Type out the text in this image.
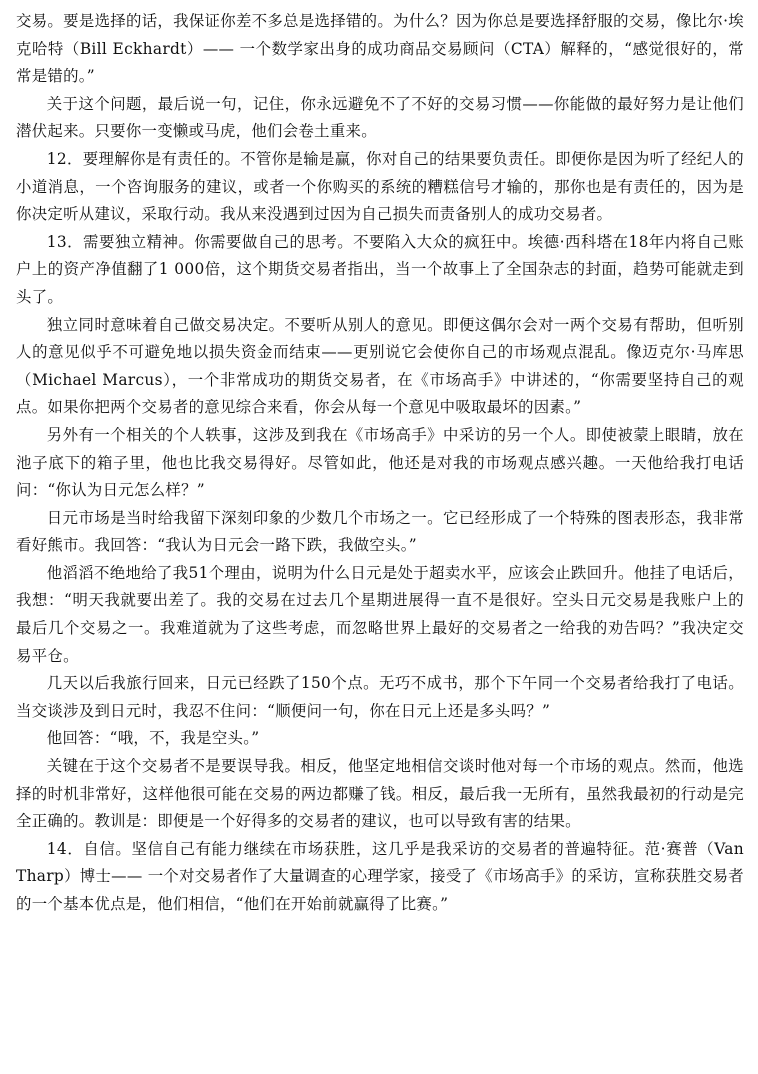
交易。要是选择的话，我保证你差不多总是选择错的。为什么？因为你总是要选择舒服的交易，像比尔·埃克哈特（Bill Eckhardt）—— 一个数学家出身的成功商品交易顾问（CTA）解释的，“感觉很好的，常常是错的。”

关于这个问题，最后说一句，记住，你永远避免不了不好的交易习惯——你能做的最好努力是让他们潜伏起来。只要你一变懒或马虎，他们会卷土重来。

12．要理解你是有责任的。不管你是输是赢，你对自己的结果要负责任。即便你是因为听了经纪人的小道消息，一个咨询服务的建议，或者一个你购买的系统的糟糕信号才输的，那你也是有责任的，因为是你决定听从建议，采取行动。我从来没遇到过因为自己损失而责备别人的成功交易者。

13．需要独立精神。你需要做自己的思考。不要陷入大众的疯狂中。埃德·西科塔在18年内将自己账户上的资产净值翻了1 000倍，这个期货交易者指出，当一个故事上了全国杂志的封面，趋势可能就走到头了。

独立同时意味着自己做交易决定。不要听从别人的意见。即便这偶尔会对一两个交易有帮助，但听别人的意见似乎不可避免地以损失资金而结束——更别说它会使你自己的市场观点混乱。像迈克尔·马库思（Michael Marcus），一个非常成功的期货交易者，在《市场高手》中讲述的，“你需要坚持自己的观点。如果你把两个交易者的意见综合来看，你会从每一个意见中吸取最坏的因素。”

另外有一个相关的个人轶事，这涉及到我在《市场高手》中采访的另一个人。即使被蒙上眼睛，放在池子底下的箱子里，他也比我交易得好。尽管如此，他还是对我的市场观点感兴趣。一天他给我打电话问：“你认为日元怎么样？”

日元市场是当时给我留下深刻印象的少数几个市场之一。它已经形成了一个特殊的图表形态，我非常看好熊市。我回答：“我认为日元会一路下跌，我做空头。”

他滔滔不绝地给了我51个理由，说明为什么日元是处于超卖水平，应该会止跌回升。他挂了电话后，我想：“明天我就要出差了。我的交易在过去几个星期进展得一直不是很好。空头日元交易是我账户上的最后几个交易之一。我难道就为了这些考虑，而忽略世界上最好的交易者之一给我的劝告吗？”我决定交易平仓。

几天以后我旅行回来，日元已经跌了150个点。无巧不成书，那个下午同一个交易者给我打了电话。当交谈涉及到日元时，我忍不住问：“顺便问一句，你在日元上还是多头吗？”

他回答：“哦，不，我是空头。”

关键在于这个交易者不是要误导我。相反，他坚定地相信交谈时他对每一个市场的观点。然而，他选择的时机非常好，这样他很可能在交易的两边都赚了钱。相反，最后我一无所有，虽然我最初的行动是完全正确的。教训是：即便是一个好得多的交易者的建议，也可以导致有害的结果。

14．自信。坚信自己有能力继续在市场获胜，这几乎是我采访的交易者的普遍特征。范·赛普（Van Tharp）博士—— 一个对交易者作了大量调查的心理学家，接受了《市场高手》的采访，宣称获胜交易者的一个基本优点是，他们相信，“他们在开始前就赢得了比赛。”
